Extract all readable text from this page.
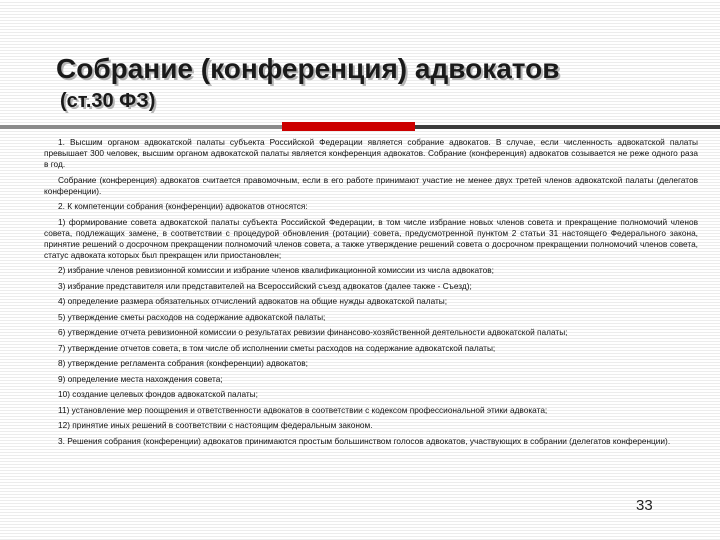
Собрание (конференция) адвокатов
(ст.30 ФЗ)

1. Высшим органом адвокатской палаты субъекта Российской Федерации является собрание адвокатов. В случае, если численность адвокатской палаты превышает 300 человек, высшим органом адвокатской палаты является конференция адвокатов. Собрание (конференция) адвокатов созывается не реже одного раза в год.

Собрание (конференция) адвокатов считается правомочным, если в его работе принимают участие не менее двух третей членов адвокатской палаты (делегатов конференции).

2. К компетенции собрания (конференции) адвокатов относятся:

1) формирование совета адвокатской палаты субъекта Российской Федерации, в том числе избрание новых членов совета и прекращение полномочий членов совета, подлежащих замене, в соответствии с процедурой обновления (ротации) совета, предусмотренной пунктом 2 статьи 31 настоящего Федерального закона, принятие решений о досрочном прекращении полномочий членов совета, а также утверждение решений совета о досрочном прекращении полномочий членов совета, статус адвоката которых был прекращен или приостановлен;

2) избрание членов ревизионной комиссии и избрание членов квалификационной комиссии из числа адвокатов;

3) избрание представителя или представителей на Всероссийский съезд адвокатов (далее также - Съезд);

4) определение размера обязательных отчислений адвокатов на общие нужды адвокатской палаты;

5) утверждение сметы расходов на содержание адвокатской палаты;

6) утверждение отчета ревизионной комиссии о результатах ревизии финансово-хозяйственной деятельности адвокатской палаты;

7) утверждение отчетов совета, в том числе об исполнении сметы расходов на содержание адвокатской палаты;

8) утверждение регламента собрания (конференции) адвокатов;

9) определение места нахождения совета;

10) создание целевых фондов адвокатской палаты;

11) установление мер поощрения и ответственности адвокатов в соответствии с кодексом профессиональной этики адвоката;

12) принятие иных решений в соответствии с настоящим федеральным законом.

3. Решения собрания (конференции) адвокатов принимаются простым большинством голосов адвокатов, участвующих в собрании (делегатов конференции).

33
